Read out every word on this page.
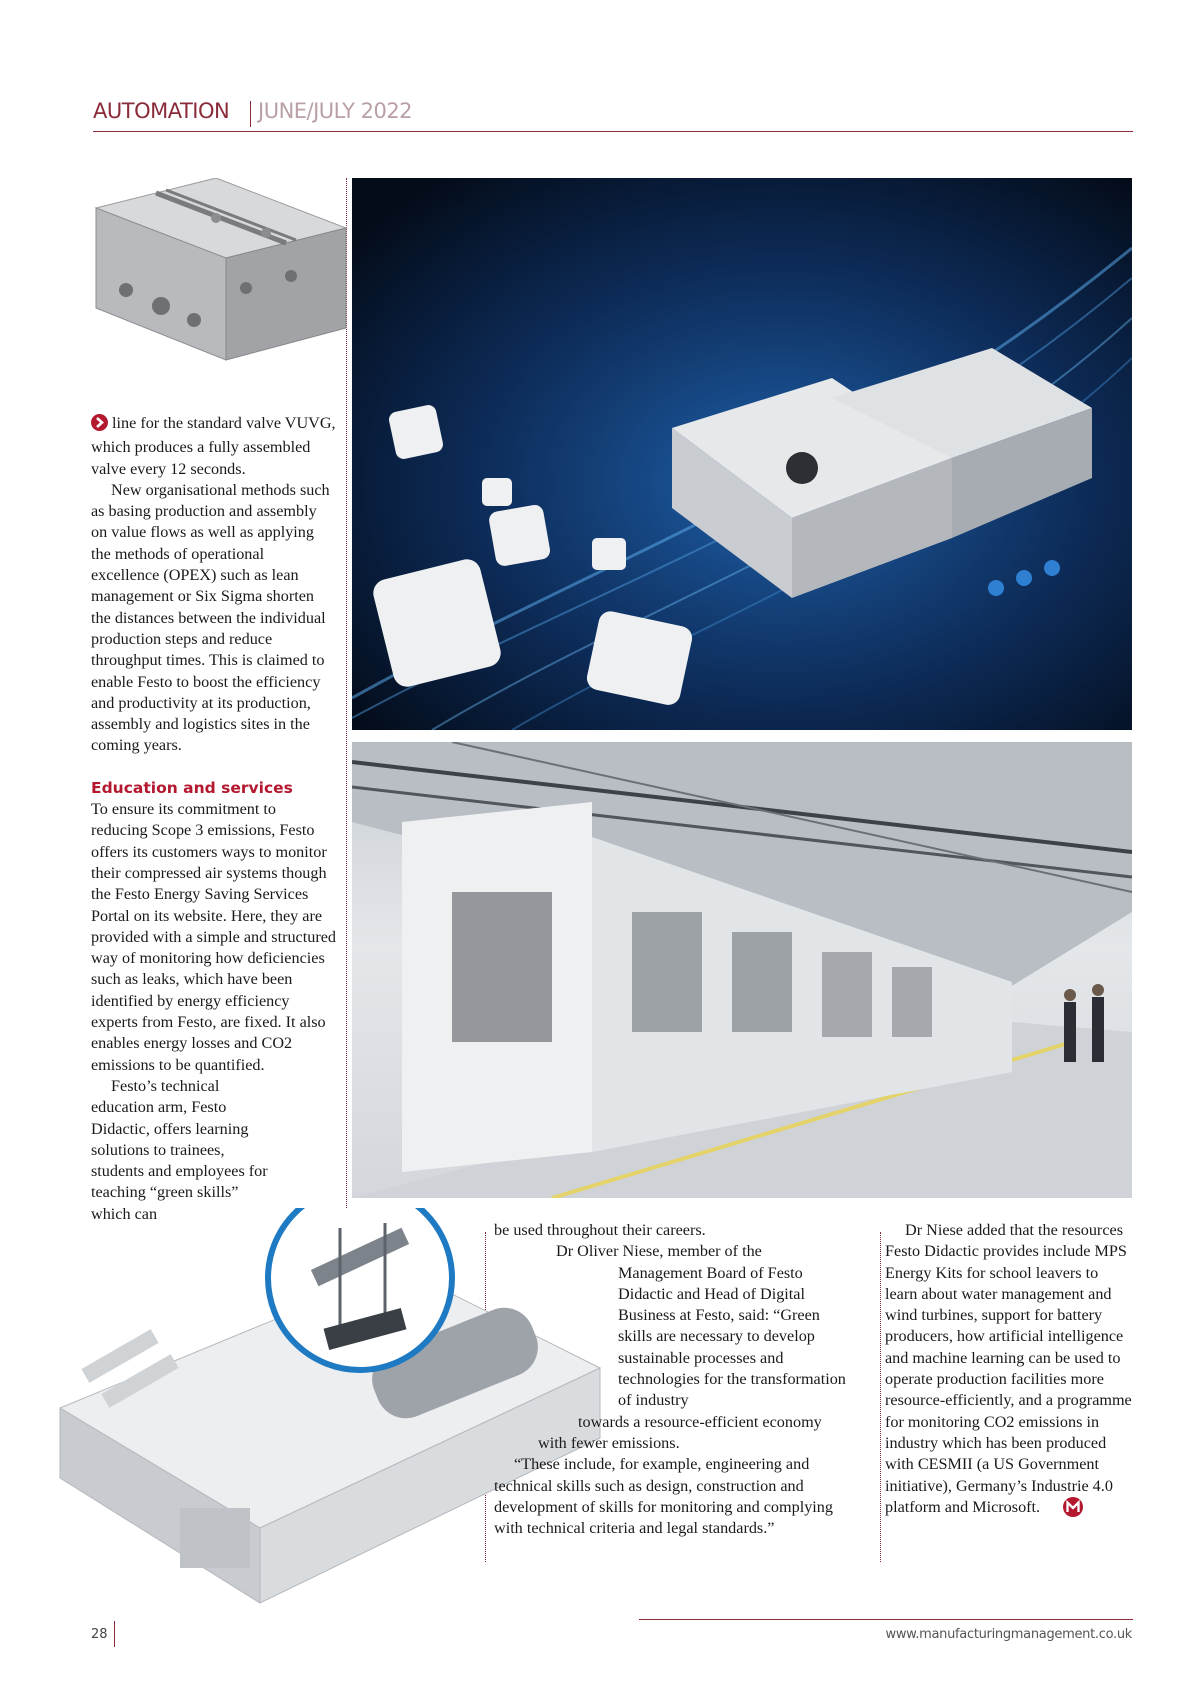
AUTOMATION JUNE/JULY 2022

line for the standard valve VUVG, which produces a fully assembled valve every 12 seconds.

New organisational methods such as basing production and assembly on value flows as well as applying the methods of operational excellence (OPEX) such as lean management or Six Sigma shorten the distances between the individual production steps and reduce throughput times. This is claimed to enable Festo to boost the efficiency and productivity at its production, assembly and logistics sites in the coming years.

Education and services

To ensure its commitment to reducing Scope 3 emissions, Festo offers its customers ways to monitor their compressed air systems though the Festo Energy Saving Services Portal on its website. Here, they are provided with a simple and structured way of monitoring how deficiencies such as leaks, which have been identified by energy efficiency experts from Festo, are fixed. It also enables energy losses and CO2 emissions to be quantified.

Festo’s technical education arm, Festo Didactic, offers learning solutions to trainees, students and employees for teaching “green skills” which can

be used throughout their careers.

Dr Oliver Niese, member of the

Management Board of Festo Didactic and Head of Digital Business at Festo, said: “Green skills are necessary to develop sustainable processes and technologies for the transformation of industry

towards a resource-efficient economy

with fewer emissions.

“These include, for example, engineering and technical skills such as design, construction and development of skills for monitoring and complying with technical criteria and legal standards.”

Dr Niese added that the resources Festo Didactic provides include MPS Energy Kits for school leavers to learn about water management and wind turbines, support for battery producers, how artificial intelligence and machine learning can be used to operate production facilities more resource-efficiently, and a programme for monitoring CO2 emissions in industry which has been produced with CESMII (a US Government initiative), Germany’s Industrie 4.0 platform and Microsoft.

28	www.manufacturingmanagement.co.uk
